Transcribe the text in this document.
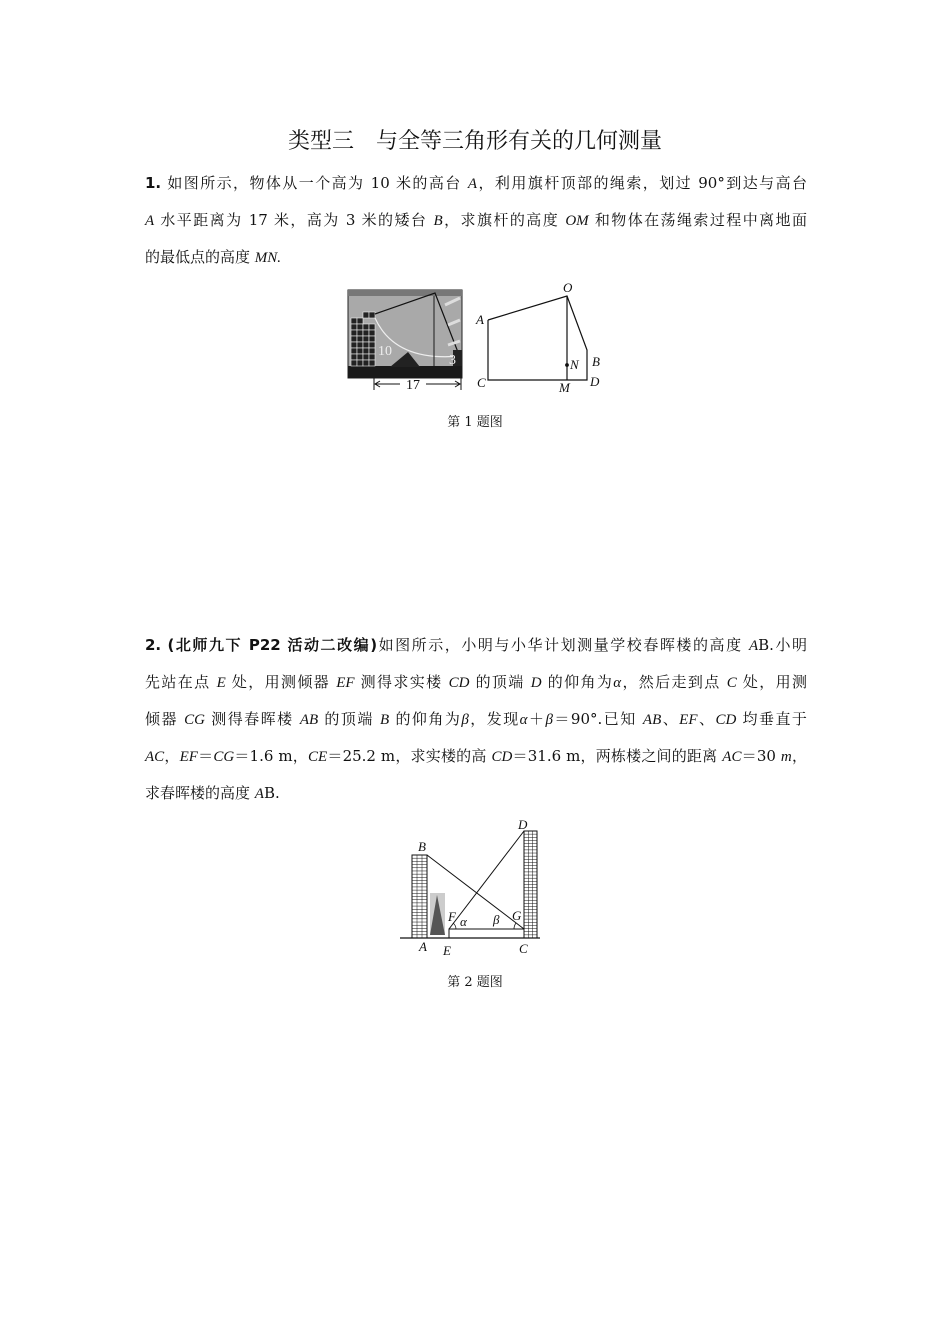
类型三　与全等三角形有关的几何测量
1. 如图所示，物体从一个高为 10 米的高台 A，利用旗杆顶部的绳索，划过 90°到达与高台
A 水平距离为 17 米，高为 3 米的矮台 B，求旗杆的高度 OM 和物体在荡绳索过程中离地面
的最低点的高度 MN.
10
3
17
O
A
C	M D
B
N
B
D
A E	C
F	G
α β
第 1 题图
2. (北师九下 P22 活动二改编)如图所示，小明与小华计划测量学校春晖楼的高度 AB.小明
先站在点 E 处，用测倾器 EF 测得求实楼 CD 的顶端 D 的仰角为α，然后走到点 C 处，用测
倾器 CG 测得春晖楼 AB 的顶端 B 的仰角为β，发现α＋β＝90°.已知 AB、EF、CD 均垂直于
AC，EF＝CG＝1.6 m，CE＝25.2 m，求实楼的高 CD＝31.6 m，两栋楼之间的距离 AC＝30 m，
求春晖楼的高度 AB.
第 2 题图
